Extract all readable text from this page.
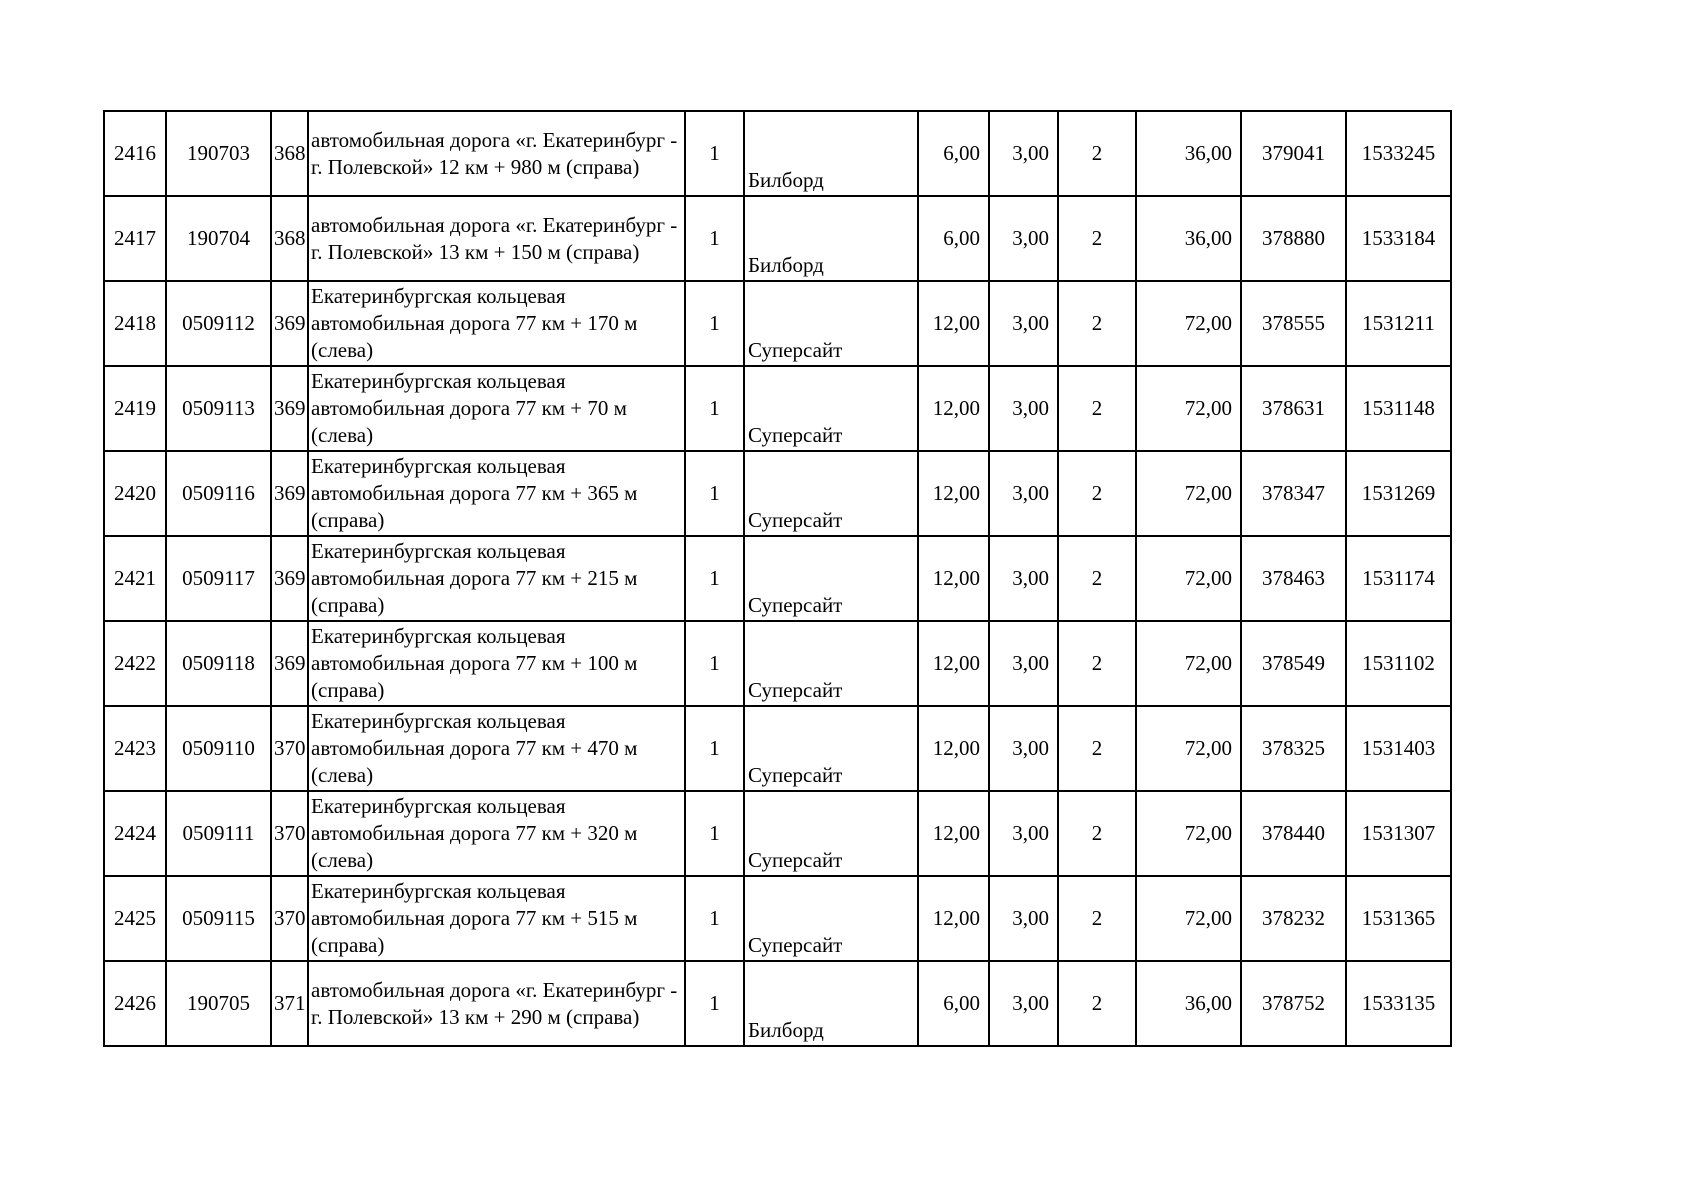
2416	190703	368	автомобильная дорога «г. Екатеринбург - г. Полевской» 12 км + 980 м (справа)	1	Билборд	6,00	3,00	2	36,00	379041	1533245
2417	190704	368	автомобильная дорога «г. Екатеринбург - г. Полевской» 13 км + 150 м (справа)	1	Билборд	6,00	3,00	2	36,00	378880	1533184
2418	0509112	369	Екатеринбургская кольцевая автомобильная дорога 77 км + 170 м (слева)	1	Суперсайт	12,00	3,00	2	72,00	378555	1531211
2419	0509113	369	Екатеринбургская кольцевая автомобильная дорога 77 км + 70 м (слева)	1	Суперсайт	12,00	3,00	2	72,00	378631	1531148
2420	0509116	369	Екатеринбургская кольцевая автомобильная дорога 77 км + 365 м (справа)	1	Суперсайт	12,00	3,00	2	72,00	378347	1531269
2421	0509117	369	Екатеринбургская кольцевая автомобильная дорога 77 км + 215 м (справа)	1	Суперсайт	12,00	3,00	2	72,00	378463	1531174
2422	0509118	369	Екатеринбургская кольцевая автомобильная дорога 77 км + 100 м (справа)	1	Суперсайт	12,00	3,00	2	72,00	378549	1531102
2423	0509110	370	Екатеринбургская кольцевая автомобильная дорога 77 км + 470 м (слева)	1	Суперсайт	12,00	3,00	2	72,00	378325	1531403
2424	0509111	370	Екатеринбургская кольцевая автомобильная дорога 77 км + 320 м (слева)	1	Суперсайт	12,00	3,00	2	72,00	378440	1531307
2425	0509115	370	Екатеринбургская кольцевая автомобильная дорога 77 км + 515 м (справа)	1	Суперсайт	12,00	3,00	2	72,00	378232	1531365
2426	190705	371	автомобильная дорога «г. Екатеринбург - г. Полевской» 13 км + 290 м (справа)	1	Билборд	6,00	3,00	2	36,00	378752	1533135
